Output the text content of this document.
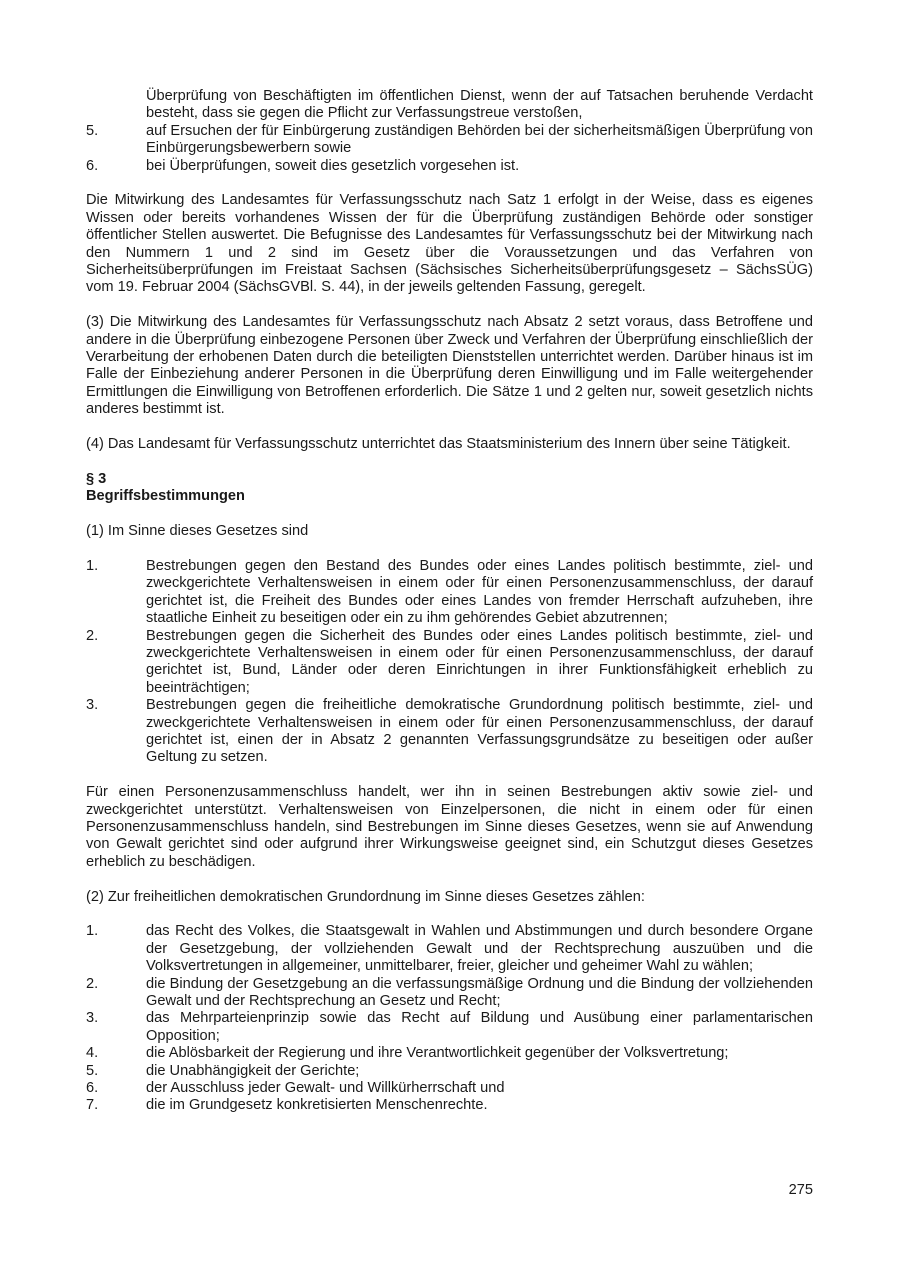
Überprüfung von Beschäftigten im öffentlichen Dienst, wenn der auf Tatsachen beruhende Verdacht besteht, dass sie gegen die Pflicht zur Verfassungstreue verstoßen,

5.	auf Ersuchen der für Einbürgerung zuständigen Behörden bei der sicherheitsmäßigen Überprüfung von Einbürgerungsbewerbern sowie
6.	bei Überprüfungen, soweit dies gesetzlich vorgesehen ist.

Die Mitwirkung des Landesamtes für Verfassungsschutz nach Satz 1 erfolgt in der Weise, dass es eigenes Wissen oder bereits vorhandenes Wissen der für die Überprüfung zuständigen Behörde oder sonstiger öffentlicher Stellen auswertet. Die Befugnisse des Landesamtes für Verfassungsschutz bei der Mitwirkung nach den Nummern 1 und 2 sind im Gesetz über die Voraussetzungen und das Verfahren von Sicherheitsüberprüfungen im Freistaat Sachsen (Sächsisches Sicherheitsüberprüfungsgesetz – SächsSÜG) vom 19. Februar 2004 (SächsGVBl. S. 44), in der jeweils geltenden Fassung, geregelt.

(3) Die Mitwirkung des Landesamtes für Verfassungsschutz nach Absatz 2 setzt voraus, dass Betroffene und andere in die Überprüfung einbezogene Personen über Zweck und Verfahren der Überprüfung einschließlich der Verarbeitung der erhobenen Daten durch die beteiligten Dienststellen unterrichtet werden. Darüber hinaus ist im Falle der Einbeziehung anderer Personen in die Überprüfung deren Einwilligung und im Falle weitergehender Ermittlungen die Einwilligung von Betroffenen erforderlich. Die Sätze 1 und 2 gelten nur, soweit gesetzlich nichts anderes bestimmt ist.

(4) Das Landesamt für Verfassungsschutz unterrichtet das Staatsministerium des Innern über seine Tätigkeit.

§ 3

Begriffsbestimmungen

(1) Im Sinne dieses Gesetzes sind

1.	Bestrebungen gegen den Bestand des Bundes oder eines Landes politisch bestimmte, ziel- und zweckgerichtete Verhaltensweisen in einem oder für einen Personenzusammenschluss, der darauf gerichtet ist, die Freiheit des Bundes oder eines Landes von fremder Herrschaft aufzuheben, ihre staatliche Einheit zu beseitigen oder ein zu ihm gehörendes Gebiet abzutrennen;
2.	Bestrebungen gegen die Sicherheit des Bundes oder eines Landes politisch bestimmte, ziel- und zweckgerichtete Verhaltensweisen in einem oder für einen Personenzusammenschluss, der darauf gerichtet ist, Bund, Länder oder deren Einrichtungen in ihrer Funktionsfähigkeit erheblich zu beeinträchtigen;
3.	Bestrebungen gegen die freiheitliche demokratische Grundordnung politisch bestimmte, ziel- und zweckgerichtete Verhaltensweisen in einem oder für einen Personenzusammenschluss, der darauf gerichtet ist, einen der in Absatz 2 genannten Verfassungsgrundsätze zu beseitigen oder außer Geltung zu setzen.

Für einen Personenzusammenschluss handelt, wer ihn in seinen Bestrebungen aktiv sowie ziel- und zweckgerichtet unterstützt. Verhaltensweisen von Einzelpersonen, die nicht in einem oder für einen Personenzusammenschluss handeln, sind Bestrebungen im Sinne dieses Gesetzes, wenn sie auf Anwendung von Gewalt gerichtet sind oder aufgrund ihrer Wirkungsweise geeignet sind, ein Schutzgut dieses Gesetzes erheblich zu beschädigen.

(2) Zur freiheitlichen demokratischen Grundordnung im Sinne dieses Gesetzes zählen:

1.	das Recht des Volkes, die Staatsgewalt in Wahlen und Abstimmungen und durch besondere Organe der Gesetzgebung, der vollziehenden Gewalt und der Rechtsprechung auszuüben und die Volksvertretungen in allgemeiner, unmittelbarer, freier, gleicher und geheimer Wahl zu wählen;
2.	die Bindung der Gesetzgebung an die verfassungsmäßige Ordnung und die Bindung der vollziehenden Gewalt und der Rechtsprechung an Gesetz und Recht;
3.	das Mehrparteienprinzip sowie das Recht auf Bildung und Ausübung einer parlamentarischen Opposition;
4.	die Ablösbarkeit der Regierung und ihre Verantwortlichkeit gegenüber der Volksvertretung;
5.	die Unabhängigkeit der Gerichte;
6.	der Ausschluss jeder Gewalt- und Willkürherrschaft und
7.	die im Grundgesetz konkretisierten Menschenrechte.
275
